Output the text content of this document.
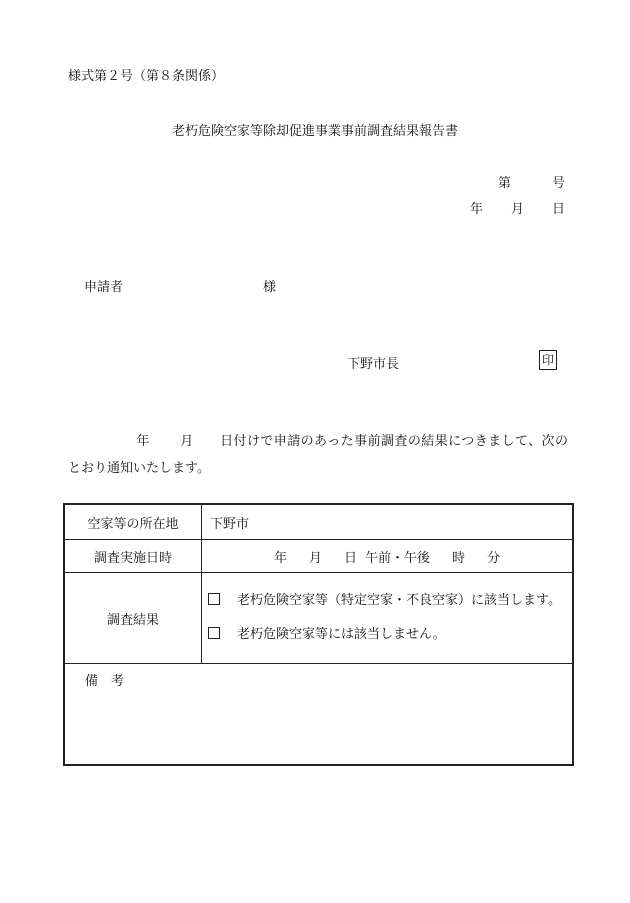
様式第２号（第８条関係）
老朽危険空家等除却促進事業事前調査結果報告書
第	号
年 月 日
申請者	様
下野市長	印
年 月 日付けで申請のあった事前調査の結果につきまして、次のとおり通知いたします。
空家等の所在地	下野市
調査実施日時	年 月 日 午前・午後 時 分
調査結果	老朽危険空家等（特定空家・不良空家）に該当します。
老朽危険空家等には該当しません。

備　考	
